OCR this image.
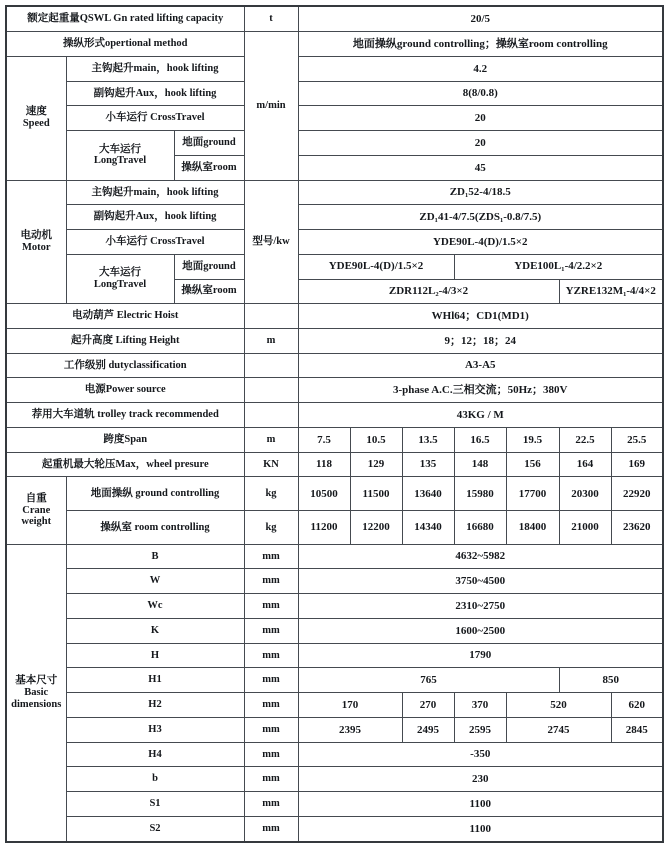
额定起重量QSWL Gn rated lifting capacity			t	20/5						
操纵形式opertional method			m/min	地面操纵ground controlling；操纵室room controlling						

速度
Speed	主钩起升main，hook lifting			4.2						
	副钩起升Aux，hook lifting			8(8/0.8)						
	小车运行 CrossTravel			20						

	大车运行
LongTravel	地面ground		20						
		操纵室room		45						

电动机
Motor	主钩起升main，hook lifting		型号/kw	ZD₁52-4/18.5						
	副钩起升Aux，hook lifting			ZD₁41-4/7.5(ZDS₁-0.8/7.5)						
	小车运行 CrossTravel			YDE90L-4(D)/1.5×2						

	大车运行
LongTravel	地面ground		YDE90L-4(D)/1.5×2			YDE100L₁-4/2.2×2			
		操纵室room		ZDR112L₂-4/3×2					YZRE132M₁-4/4×2	
电动葫芦 Electric Hoist				WHl64；CD1(MD1)						
起升高度 Lifting Height			m	9；12；18；24						
工作级别 dutyclassification				A3-A5						
电源Power source				3-phase A.C.三相交流；50Hz；380V						
荐用大车道轨 trolley track recommended				43KG / M						
跨度Span			m	7.5	10.5	13.5	16.5	19.5	22.5	25.5
起重机最大轮压Max，wheel presure			KN	118	129	135	148	156	164	169

自重
Crane
weight	地面操纵 ground controlling		kg	10500	11500	13640	15980	17700	20300	22920
	操纵室 room controlling		kg	11200	12200	14340	16680	18400	21000	23620

基本尺寸
Basic
dimensions	B		mm	4632~5982						
	W		mm	3750~4500						
	Wc		mm	2310~2750						
	K		mm	1600~2500						
	H		mm	1790						
	H1		mm	765					850	
	H2		mm	170		270	370	520		620
	H3		mm	2395		2495	2595	2745		2845
	H4		mm	-350						
	b		mm	230						
	S1		mm	1100						
	S2		mm	1100						
